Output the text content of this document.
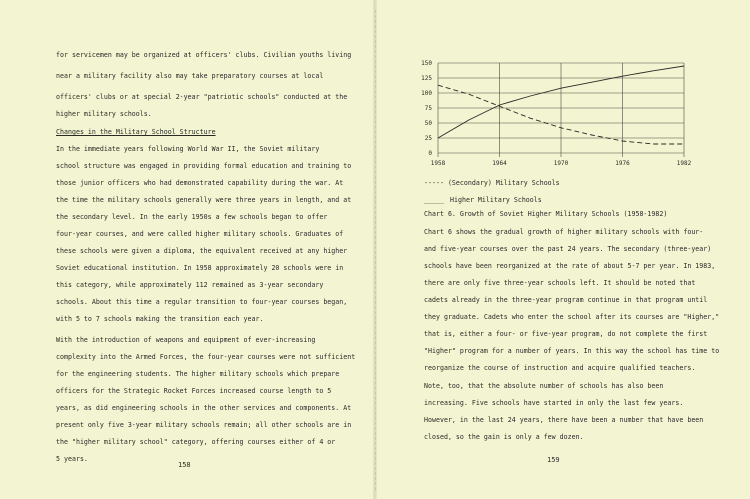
for servicemen may be organized at officers' clubs. Civilian youths living
near a military facility also may take preparatory courses at local
officers' clubs or at special 2-year "patriotic schools" conducted at the
higher military schools.
Changes in the Military School Structure
In the immediate years following World War II, the Soviet military
school structure was engaged in providing formal education and training to
those junior officers who had demonstrated capability during the war. At
the time the military schools generally were three years in length, and at
the secondary level. In the early 1950s a few schools began to offer
four-year courses, and were called higher military schools. Graduates of
these schools were given a diploma, the equivalent received at any higher
Soviet educational institution. In 1958 approximately 20 schools were in
this category, while approximately 112 remained as 3-year secondary
schools. About this time a regular transition to four-year courses began,
with 5 to 7 schools making the transition each year.
With the introduction of weapons and equipment of ever-increasing
complexity into the Armed Forces, the four-year courses were not sufficient
for the engineering students. The higher military schools which prepare
officers for the Strategic Rocket Forces increased course length to 5
years, as did engineering schools in the other services and components. At
present only five 3-year military schools remain; all other schools are in
the "higher military school" category, offering courses either of 4 or
5 years.
158
150
125
100
75
50
25
0
1958	1964	1970	1976	1982
----- (Secondary) Military Schools
_____ Higher Military Schools
Chart 6. Growth of Soviet Higher Military Schools (1958-1982)
Chart 6 shows the gradual growth of higher military schools with four-
and five-year courses over the past 24 years. The secondary (three-year)
schools have been reorganized at the rate of about 5-7 per year. In 1983,
there are only five three-year schools left. It should be noted that
cadets already in the three-year program continue in that program until
they graduate. Cadets who enter the school after its courses are "Higher,"
that is, either a four- or five-year program, do not complete the first
"Higher" program for a number of years. In this way the school has time to
reorganize the course of instruction and acquire qualified teachers.
Note, too, that the absolute number of schools has also been
increasing. Five schools have started in only the last few years.
However, in the last 24 years, there have been a number that have been
closed, so the gain is only a few dozen.
159
